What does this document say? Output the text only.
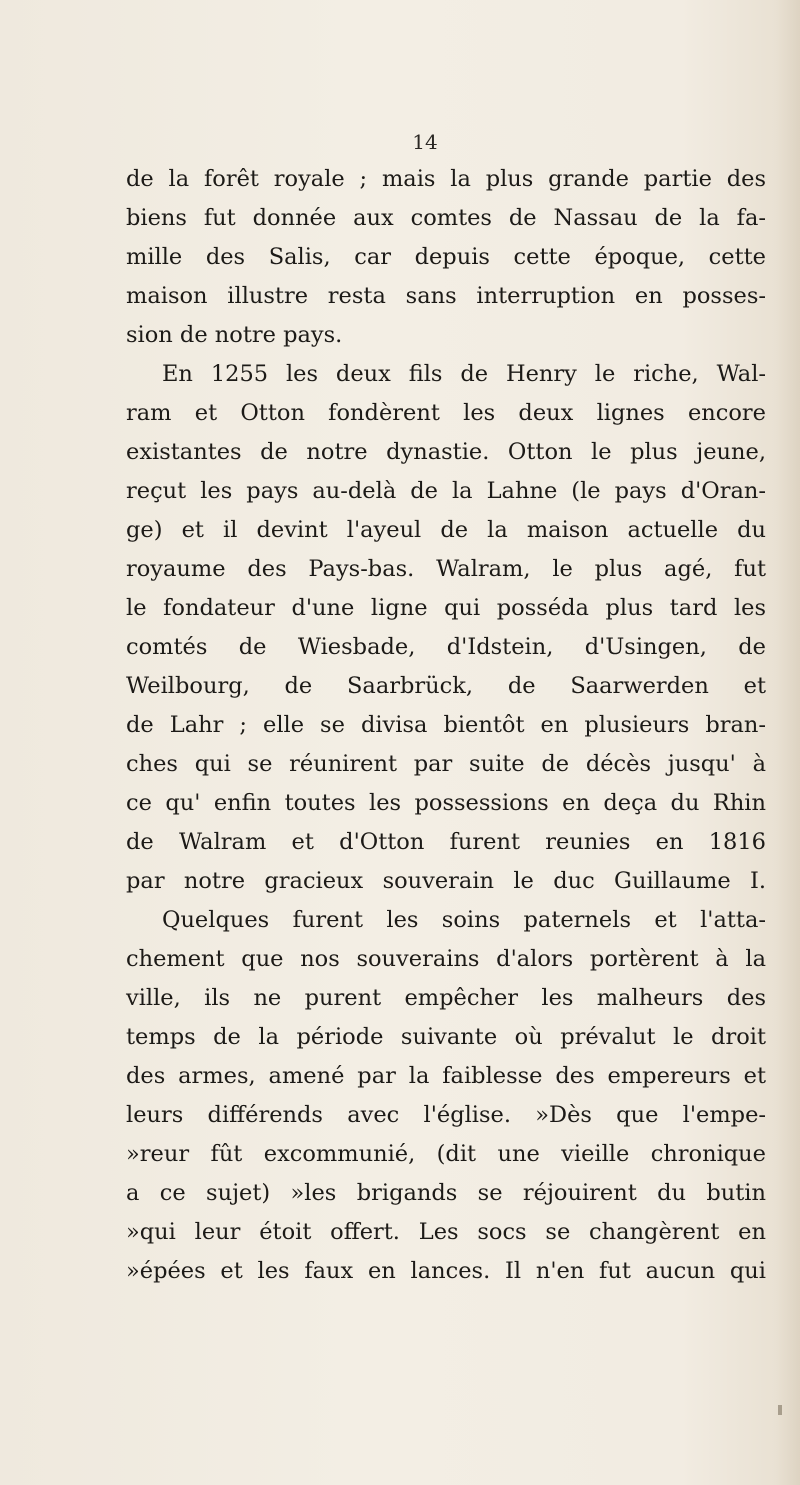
14
de la forêt royale ; mais la plus grande partie des
biens fut donnée aux comtes de Nassau de la fa-
mille des Salis, car depuis cette époque, cette
maison illustre resta sans interruption en posses-
sion de notre pays.
En 1255 les deux fils de Henry le riche, Wal-
ram et Otton fondèrent les deux lignes encore
existantes de notre dynastie. Otton le plus jeune,
reçut les pays au-delà de la Lahne (le pays d'Oran-
ge) et il devint l'ayeul de la maison actuelle du
royaume des Pays-bas. Walram, le plus agé, fut
le fondateur d'une ligne qui posséda plus tard les
comtés de Wiesbade, d'Idstein, d'Usingen, de
Weilbourg, de Saarbrück, de Saarwerden et
de Lahr ; elle se divisa bientôt en plusieurs bran-
ches qui se réunirent par suite de décès jusqu' à
ce qu' enfin toutes les possessions en deça du Rhin
de Walram et d'Otton furent reunies en 1816
par notre gracieux souverain le duc Guillaume I.
Quelques furent les soins paternels et l'atta-
chement que nos souverains d'alors portèrent à la
ville, ils ne purent empêcher les malheurs des
temps de la période suivante où prévalut le droit
des armes, amené par la faiblesse des empereurs et
leurs différends avec l'église. »Dès que l'empe-
»reur fût excommunié, (dit une vieille chronique
a ce sujet) »les brigands se réjouirent du butin
»qui leur étoit offert. Les socs se changèrent en
»épées et les faux en lances. Il n'en fut aucun qui
